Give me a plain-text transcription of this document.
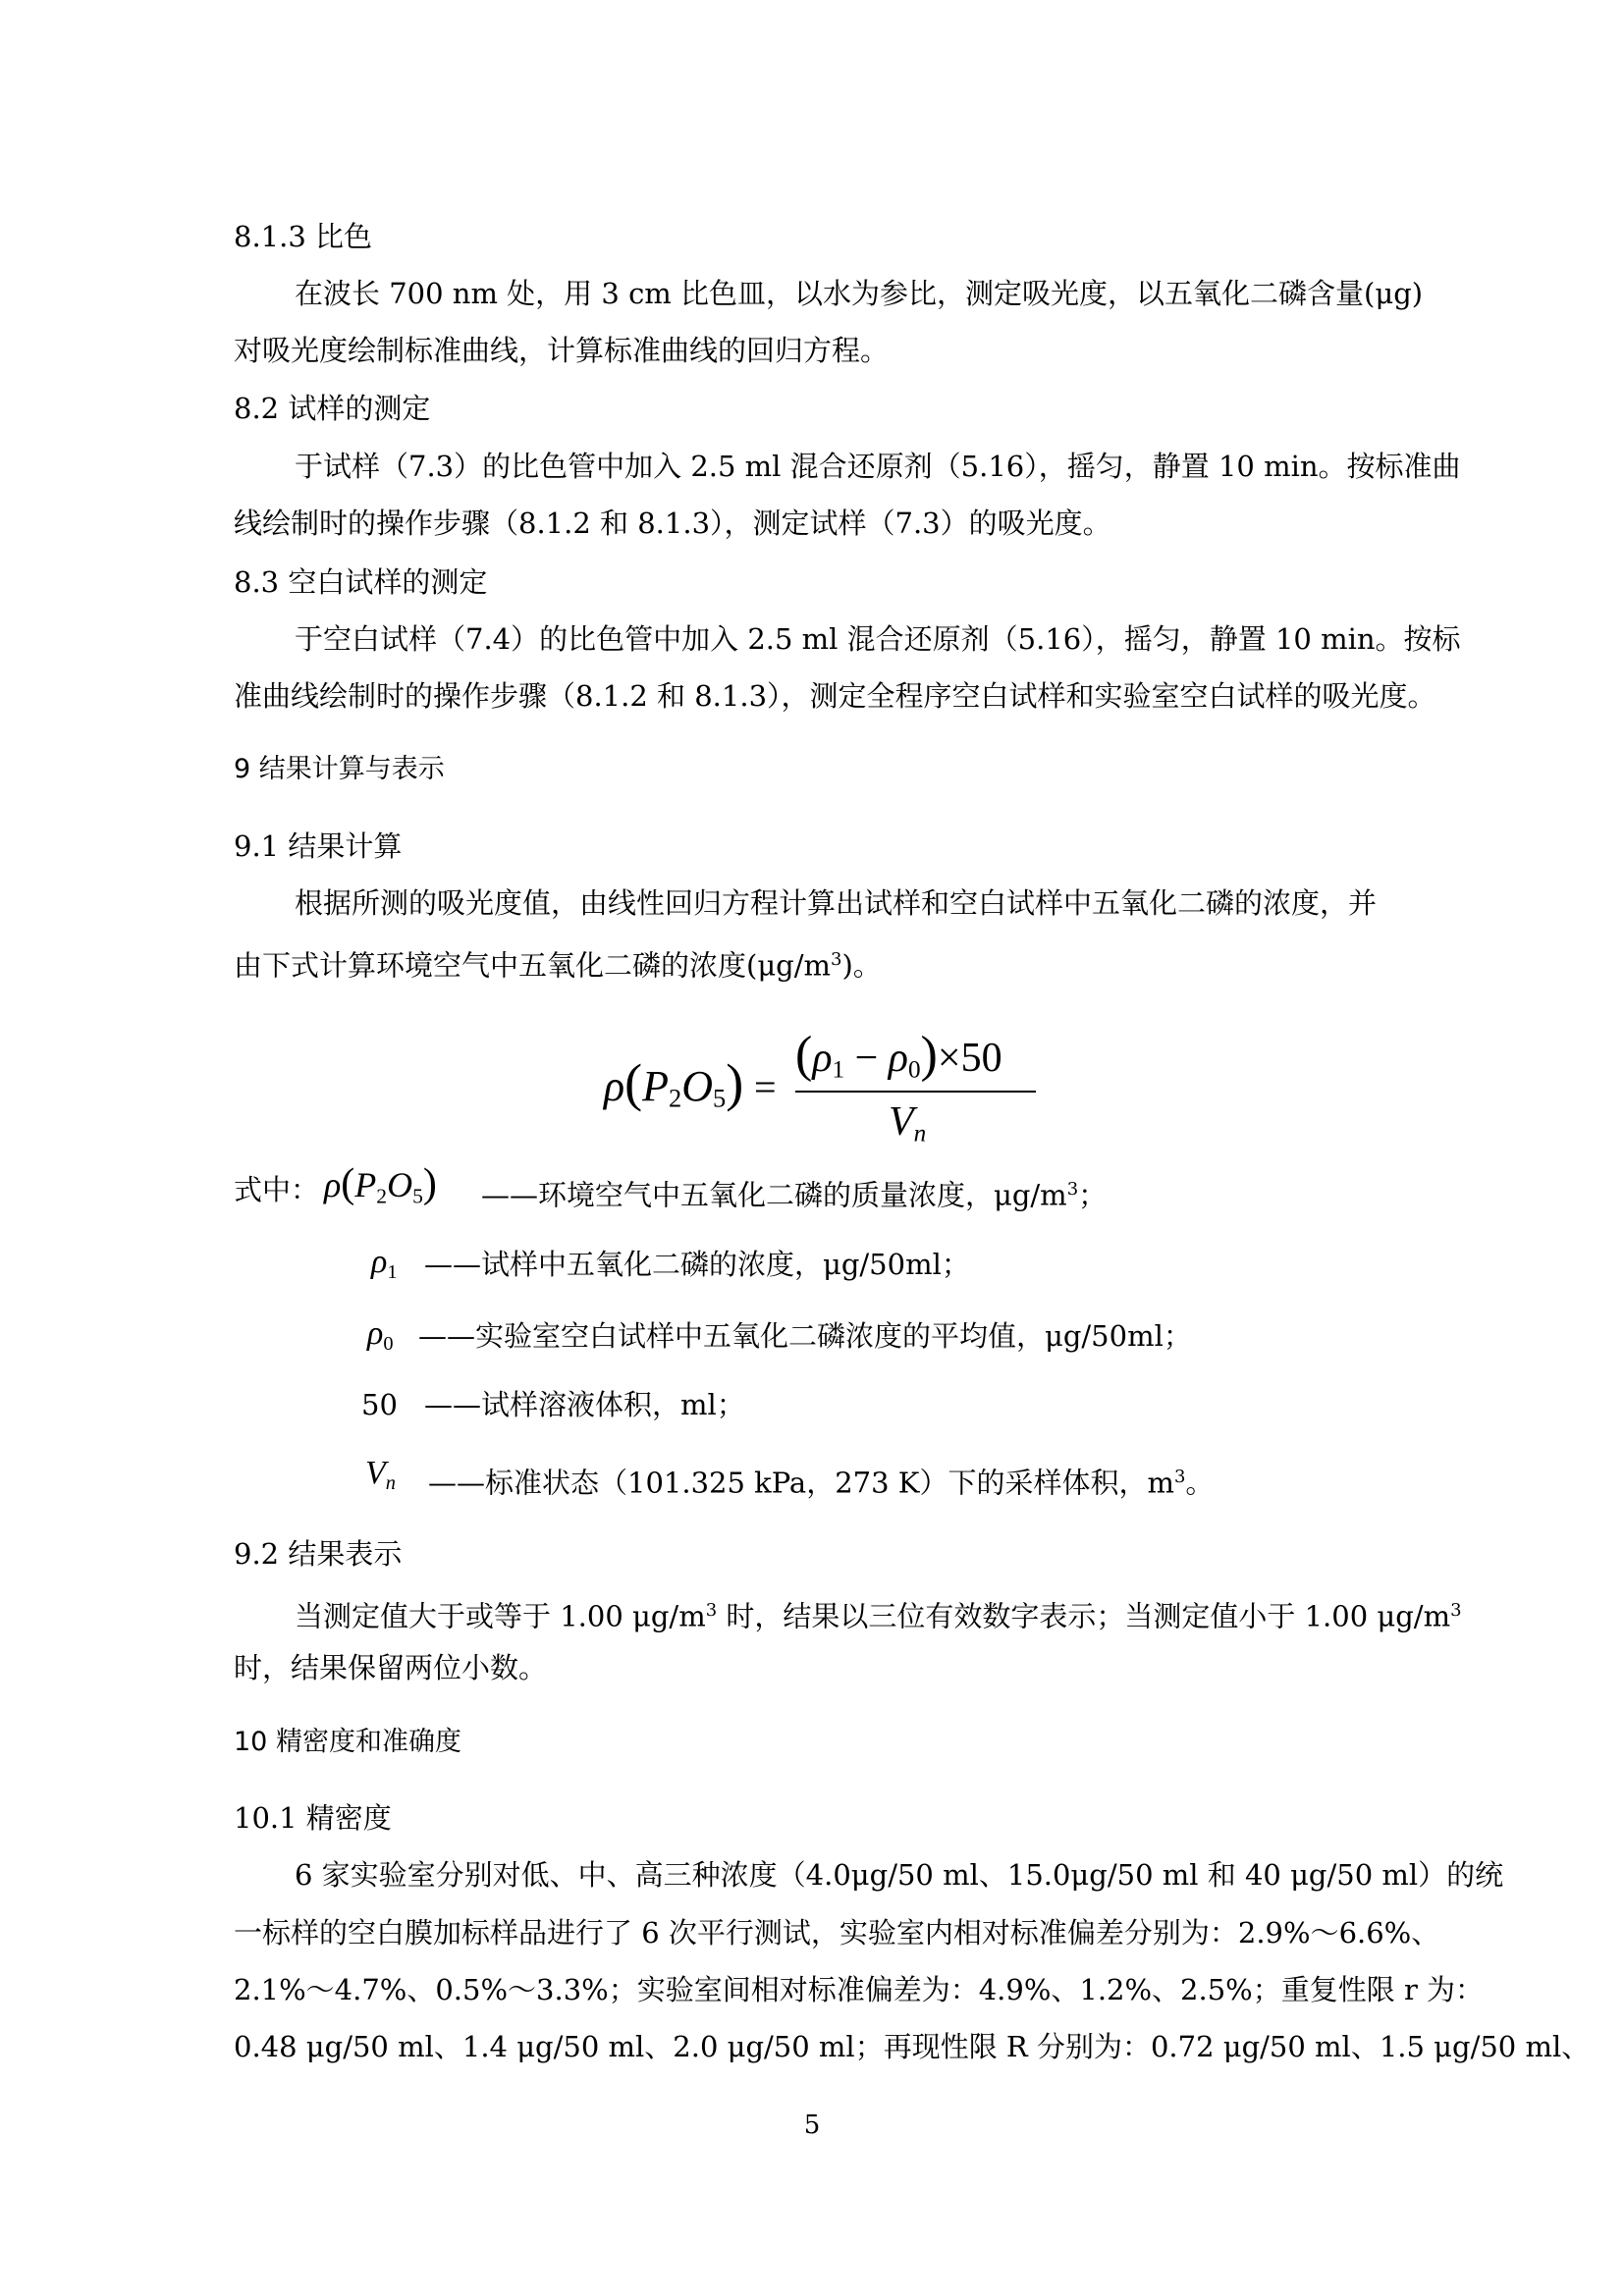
8.1.3 比色
在波长 700 nm 处，用 3 cm 比色皿，以水为参比，测定吸光度，以五氧化二磷含量(μg)
对吸光度绘制标准曲线，计算标准曲线的回归方程。
8.2 试样的测定
于试样（7.3）的比色管中加入 2.5 ml 混合还原剂（5.16），摇匀，静置 10 min。按标准曲
线绘制时的操作步骤（8.1.2 和 8.1.3），测定试样（7.3）的吸光度。
8.3 空白试样的测定
于空白试样（7.4）的比色管中加入 2.5 ml 混合还原剂（5.16），摇匀，静置 10 min。按标
准曲线绘制时的操作步骤（8.1.2 和 8.1.3），测定全程序空白试样和实验室空白试样的吸光度。
9 结果计算与表示
9.1 结果计算
根据所测的吸光度值，由线性回归方程计算出试样和空白试样中五氧化二磷的浓度，并
由下式计算环境空气中五氧化二磷的浓度$(\mu g/m^3)$。
$\rho(P_2O_5)$ =
$(\rho_1 - \rho_0)\times 50$
$V_n$
式中： $\rho(P_2O_5)$ ——环境空气中五氧化二磷的质量浓度，$\mu g/m^3$；
$\rho_1$ ——试样中五氧化二磷的浓度，μg/50ml；
$\rho_0$ ——实验室空白试样中五氧化二磷浓度的平均值，μg/50ml；
50 ——试样溶液体积，ml；
$V_n$ ——标准状态（101.325 kPa，273 K）下的采样体积，$m^3$。
9.2 结果表示
当测定值大于或等于 1.00 $\mu g/m^3$ 时，结果以三位有效数字表示；当测定值小于 1.00 $\mu g/m^3$
时，结果保留两位小数。
10 精密度和准确度
10.1 精密度
6 家实验室分别对低、中、高三种浓度（4.0μg/50 ml、15.0μg/50 ml 和 40 μg/50 ml）的统
一标样的空白膜加标样品进行了 6 次平行测试，实验室内相对标准偏差分别为：2.9%～6.6%、
2.1%～4.7%、0.5%～3.3%；实验室间相对标准偏差为：4.9%、1.2%、2.5%；重复性限 r 为：
0.48 μg/50 ml、1.4 μg/50 ml、2.0 μg/50 ml；再现性限 R 分别为：0.72 μg/50 ml、1.5 μg/50 ml、
5
